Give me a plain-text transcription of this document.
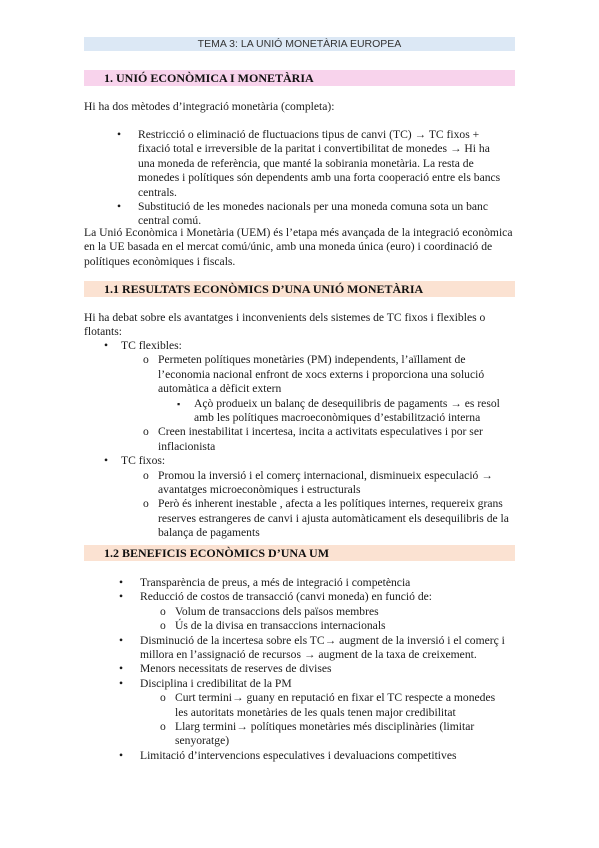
TEMA 3: LA UNIÓ MONETÀRIA EUROPEA
1. UNIÓ ECONÒMICA I MONETÀRIA

Hi ha dos mètodes d’integració monetària (completa):

• Restricció o eliminació de fluctuacions tipus de canvi (TC) → TC fixos + fixació total e irreversible de la paritat i convertibilitat de monedes → Hi ha una moneda de referència, que manté la sobirania monetària. La resta de monedes i polítiques són dependents amb una forta cooperació entre els bancs centrals.
• Substitució de les monedes nacionals per una moneda comuna sota un banc central comú.

La Unió Econòmica i Monetària (UEM) és l’etapa més avançada de la integració econòmica en la UE basada en el mercat comú/únic, amb una moneda única (euro) i coordinació de polítiques econòmiques i fiscals.

1.1 RESULTATS ECONÒMICS D’UNA UNIÓ MONETÀRIA

Hi ha debat sobre els avantatges i inconvenients dels sistemes de TC fixos i flexibles o flotants:

• TC flexibles:
o Permeten polítiques monetàries (PM) independents, l’aïllament de l’economia nacional enfront de xocs externs i proporciona una solució automàtica a dèficit extern
▪ Açò produeix un balanç de desequilibris de pagaments → es resol amb les polítiques macroeconòmiques d’estabilització interna
o Creen inestabilitat i incertesa, incita a activitats especulatives i por ser inflacionista
• TC fixos:
o Promou la inversió i el comerç internacional, disminueix especulació → avantatges microeconòmiques i estructurals
o Però és inherent inestable , afecta a les polítiques internes, requereix grans reserves estrangeres de canvi i ajusta automàticament els desequilibris de la balança de pagaments
1.2 BENEFICIS ECONÒMICS D’UNA UM
• Transparència de preus, a més de integració i competència
• Reducció de costos de transacció (canvi moneda) en funció de:
o Volum de transaccions dels països membres
o Ús de la divisa en transaccions internacionals
• Disminució de la incertesa sobre els TC→ augment de la inversió i el comerç i millora en l’assignació de recursos → augment de la taxa de creixement.
• Menors necessitats de reserves de divises
• Disciplina i credibilitat de la PM
o Curt termini→ guany en reputació en fixar el TC respecte a monedes les autoritats monetàries de les quals tenen major credibilitat
o Llarg termini→ polítiques monetàries més disciplinàries (limitar senyoratge)
• Limitació d’intervencions especulatives i devaluacions competitives
